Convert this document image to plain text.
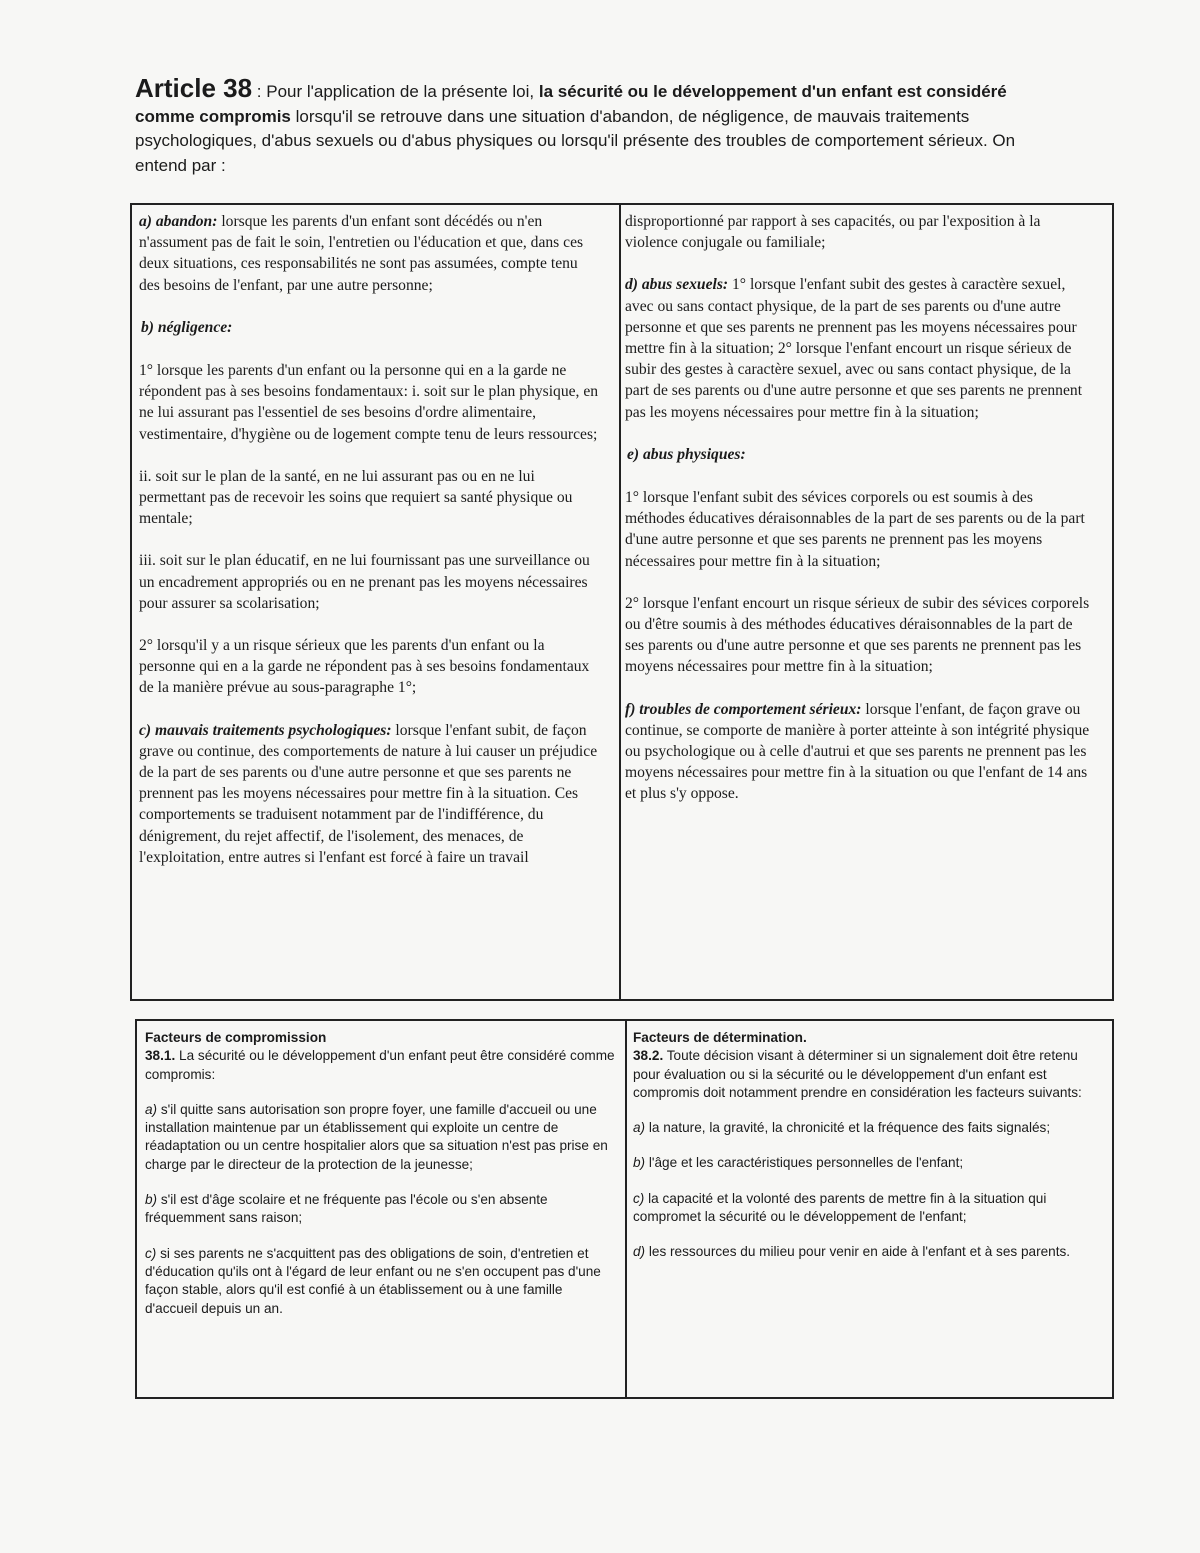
Article 38 : Pour l'application de la présente loi, la sécurité ou le développement d'un enfant est considéré comme compromis lorsqu'il se retrouve dans une situation d'abandon, de négligence, de mauvais traitements psychologiques, d'abus sexuels ou d'abus physiques ou lorsqu'il présente des troubles de comportement sérieux. On entend par :

a) abandon: lorsque les parents d'un enfant sont décédés ou n'en n'assument pas de fait le soin, l'entretien ou l'éducation et que, dans ces deux situations, ces responsabilités ne sont pas assumées, compte tenu des besoins de l'enfant, par une autre personne;

b) négligence:

1° lorsque les parents d'un enfant ou la personne qui en a la garde ne répondent pas à ses besoins fondamentaux: i. soit sur le plan physique, en ne lui assurant pas l'essentiel de ses besoins d'ordre alimentaire, vestimentaire, d'hygiène ou de logement compte tenu de leurs ressources;

ii. soit sur le plan de la santé, en ne lui assurant pas ou en ne lui permettant pas de recevoir les soins que requiert sa santé physique ou mentale;

iii. soit sur le plan éducatif, en ne lui fournissant pas une surveillance ou un encadrement appropriés ou en ne prenant pas les moyens nécessaires pour assurer sa scolarisation;

2° lorsqu'il y a un risque sérieux que les parents d'un enfant ou la personne qui en a la garde ne répondent pas à ses besoins fondamentaux de la manière prévue au sous-paragraphe 1°;

c) mauvais traitements psychologiques: lorsque l'enfant subit, de façon grave ou continue, des comportements de nature à lui causer un préjudice de la part de ses parents ou d'une autre personne et que ses parents ne prennent pas les moyens nécessaires pour mettre fin à la situation. Ces comportements se traduisent notamment par de l'indifférence, du dénigrement, du rejet affectif, de l'isolement, des menaces, de l'exploitation, entre autres si l'enfant est forcé à faire un travail

disproportionné par rapport à ses capacités, ou par l'exposition à la violence conjugale ou familiale;

d) abus sexuels: 1° lorsque l'enfant subit des gestes à caractère sexuel, avec ou sans contact physique, de la part de ses parents ou d'une autre personne et que ses parents ne prennent pas les moyens nécessaires pour mettre fin à la situation; 2° lorsque l'enfant encourt un risque sérieux de subir des gestes à caractère sexuel, avec ou sans contact physique, de la part de ses parents ou d'une autre personne et que ses parents ne prennent pas les moyens nécessaires pour mettre fin à la situation;

e) abus physiques:

1° lorsque l'enfant subit des sévices corporels ou est soumis à des méthodes éducatives déraisonnables de la part de ses parents ou de la part d'une autre personne et que ses parents ne prennent pas les moyens nécessaires pour mettre fin à la situation;

2° lorsque l'enfant encourt un risque sérieux de subir des sévices corporels ou d'être soumis à des méthodes éducatives déraisonnables de la part de ses parents ou d'une autre personne et que ses parents ne prennent pas les moyens nécessaires pour mettre fin à la situation;

f) troubles de comportement sérieux: lorsque l'enfant, de façon grave ou continue, se comporte de manière à porter atteinte à son intégrité physique ou psychologique ou à celle d'autrui et que ses parents ne prennent pas les moyens nécessaires pour mettre fin à la situation ou que l'enfant de 14 ans et plus s'y oppose.

Facteurs de compromission

38.1. La sécurité ou le développement d'un enfant peut être considéré comme compromis:

a) s'il quitte sans autorisation son propre foyer, une famille d'accueil ou une installation maintenue par un établissement qui exploite un centre de réadaptation ou un centre hospitalier alors que sa situation n'est pas prise en charge par le directeur de la protection de la jeunesse;

b) s'il est d'âge scolaire et ne fréquente pas l'école ou s'en absente fréquemment sans raison;

c) si ses parents ne s'acquittent pas des obligations de soin, d'entretien et d'éducation qu'ils ont à l'égard de leur enfant ou ne s'en occupent pas d'une façon stable, alors qu'il est confié à un établissement ou à une famille d'accueil depuis un an.

Facteurs de détermination.

38.2. Toute décision visant à déterminer si un signalement doit être retenu pour évaluation ou si la sécurité ou le développement d'un enfant est compromis doit notamment prendre en considération les facteurs suivants:

a) la nature, la gravité, la chronicité et la fréquence des faits signalés;

b) l'âge et les caractéristiques personnelles de l'enfant;

c) la capacité et la volonté des parents de mettre fin à la situation qui compromet la sécurité ou le développement de l'enfant;

d) les ressources du milieu pour venir en aide à l'enfant et à ses parents.
